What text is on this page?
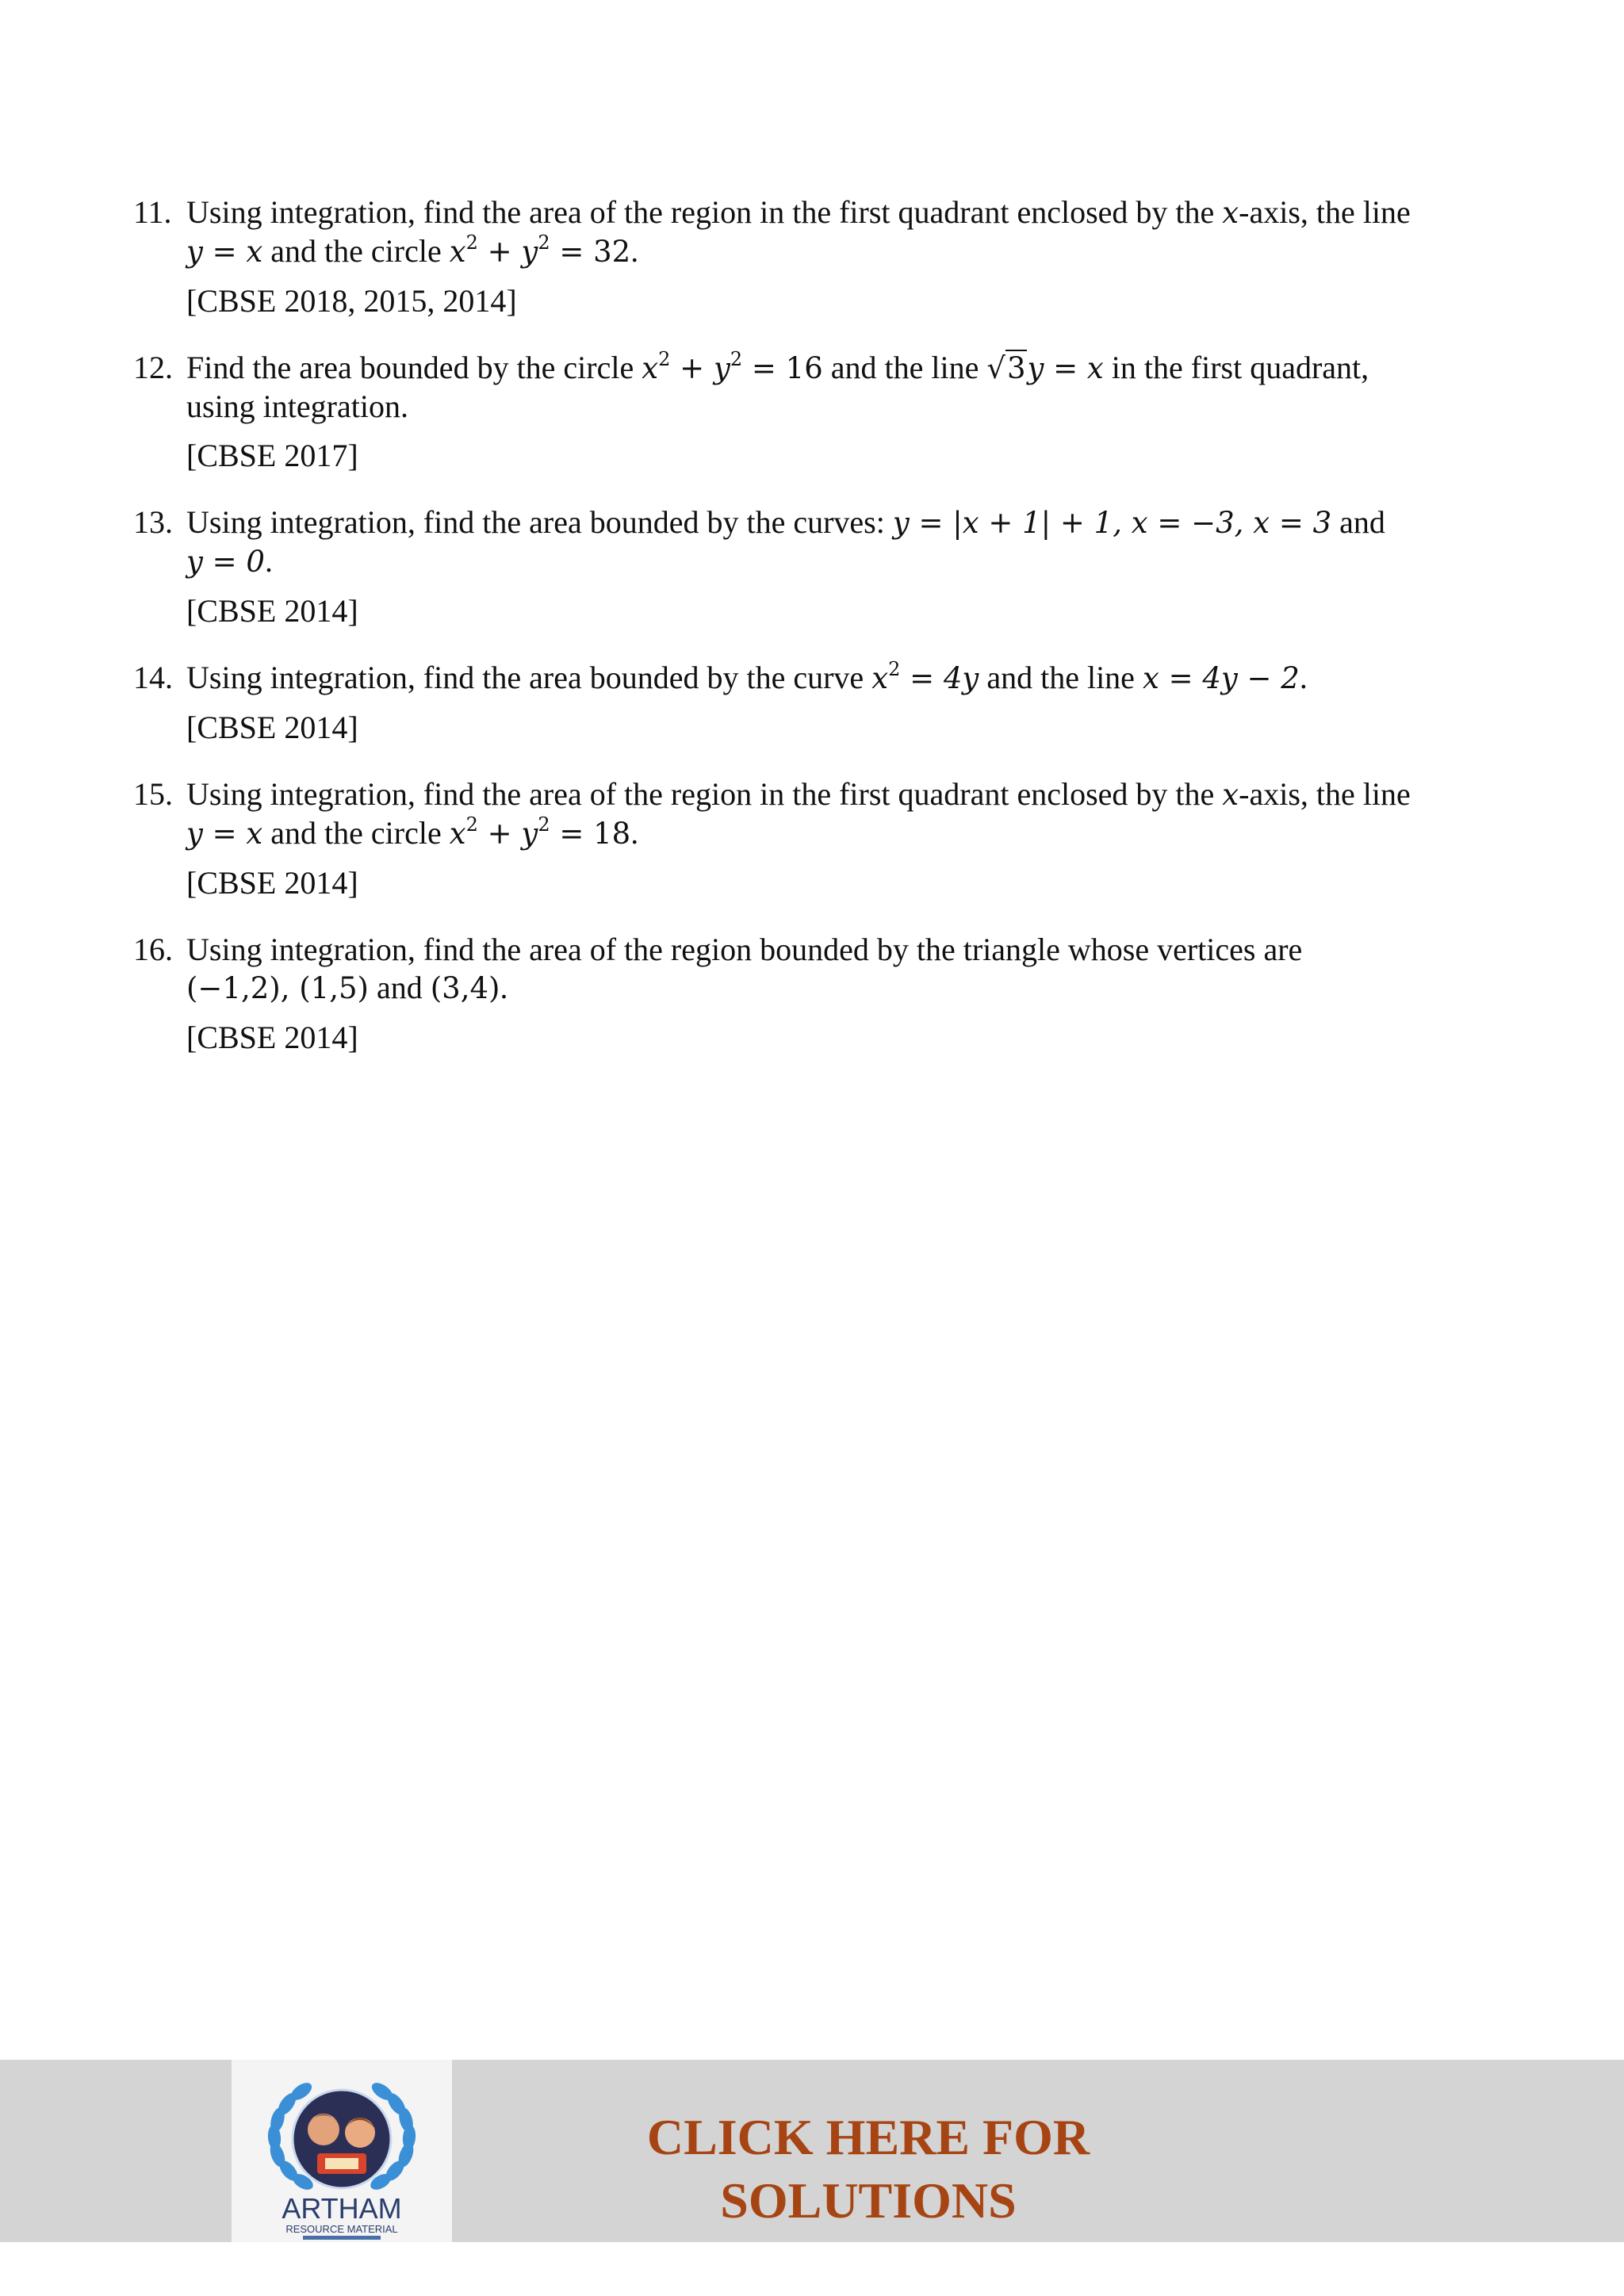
11. Using integration, find the area of the region in the first quadrant enclosed by the x-axis, the line
y = x and the circle $x^2 + y^2 = 32$.
[CBSE 2018, 2015, 2014]
12. Find the area bounded by the circle $x^2 + y^2 = 16$ and the line √3y = x in the first quadrant,
using integration.
[CBSE 2017]
13. Using integration, find the area bounded by the curves: y = |x + 1| + 1, x = −3, x = 3 and
y = 0.
[CBSE 2014]
14. Using integration, find the area bounded by the curve $x^2 = 4y$ and the line x = 4y − 2.
[CBSE 2014]
15. Using integration, find the area of the region in the first quadrant enclosed by the x-axis, the line
y = x and the circle $x^2 + y^2 = 18$.
[CBSE 2014]
16. Using integration, find the area of the region bounded by the triangle whose vertices are
(−1,2), (1,5) and (3,4).
[CBSE 2014]
ARTHAM
RESOURCE MATERIAL
CLICK HERE FOR
SOLUTIONS
